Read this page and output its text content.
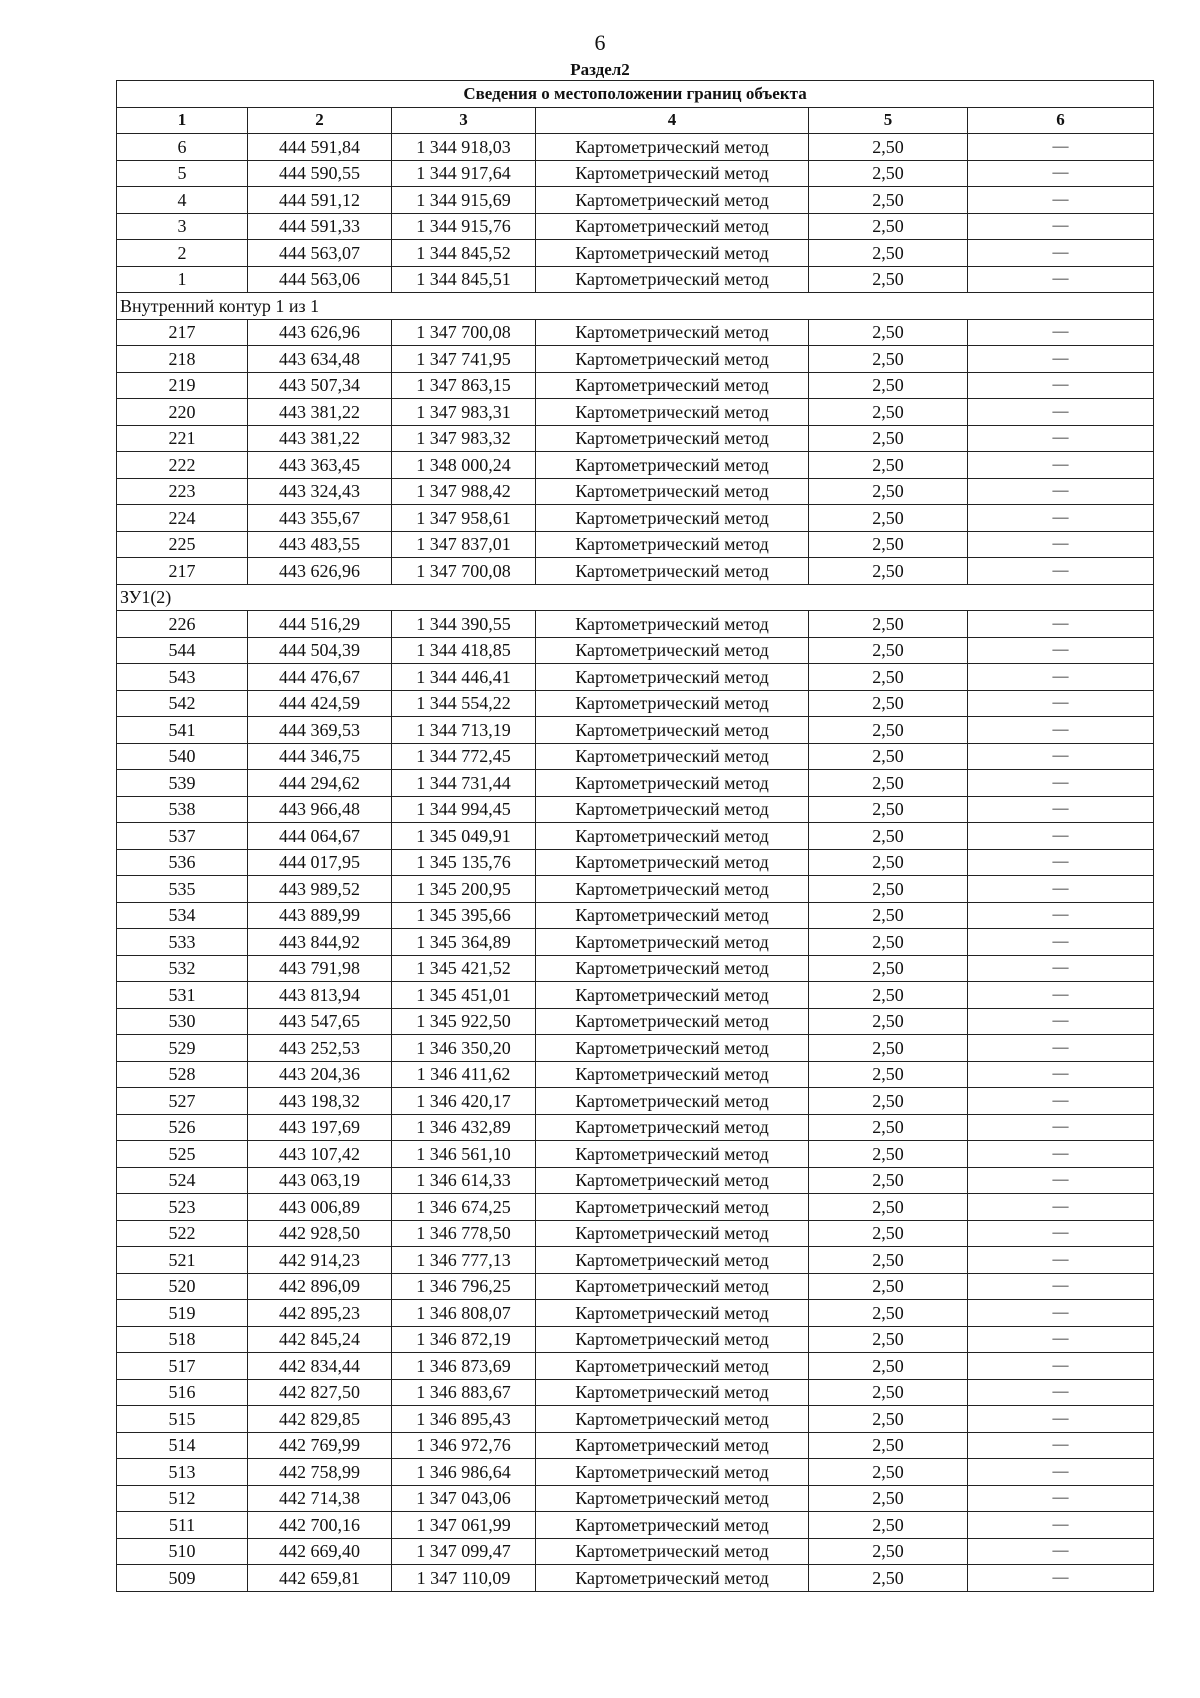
6
Раздел2
Сведения о местоположении границ объекта					
1	2	3	4	5	6
6	444 591,84	1 344 918,03	Картометрический метод	2,50	—
5	444 590,55	1 344 917,64	Картометрический метод	2,50	—
4	444 591,12	1 344 915,69	Картометрический метод	2,50	—
3	444 591,33	1 344 915,76	Картометрический метод	2,50	—
2	444 563,07	1 344 845,52	Картометрический метод	2,50	—
1	444 563,06	1 344 845,51	Картометрический метод	2,50	—
Внутренний контур 1 из 1					
217	443 626,96	1 347 700,08	Картометрический метод	2,50	—
218	443 634,48	1 347 741,95	Картометрический метод	2,50	—
219	443 507,34	1 347 863,15	Картометрический метод	2,50	—
220	443 381,22	1 347 983,31	Картометрический метод	2,50	—
221	443 381,22	1 347 983,32	Картометрический метод	2,50	—
222	443 363,45	1 348 000,24	Картометрический метод	2,50	—
223	443 324,43	1 347 988,42	Картометрический метод	2,50	—
224	443 355,67	1 347 958,61	Картометрический метод	2,50	—
225	443 483,55	1 347 837,01	Картометрический метод	2,50	—
217	443 626,96	1 347 700,08	Картометрический метод	2,50	—
ЗУ1(2)					
226	444 516,29	1 344 390,55	Картометрический метод	2,50	—
544	444 504,39	1 344 418,85	Картометрический метод	2,50	—
543	444 476,67	1 344 446,41	Картометрический метод	2,50	—
542	444 424,59	1 344 554,22	Картометрический метод	2,50	—
541	444 369,53	1 344 713,19	Картометрический метод	2,50	—
540	444 346,75	1 344 772,45	Картометрический метод	2,50	—
539	444 294,62	1 344 731,44	Картометрический метод	2,50	—
538	443 966,48	1 344 994,45	Картометрический метод	2,50	—
537	444 064,67	1 345 049,91	Картометрический метод	2,50	—
536	444 017,95	1 345 135,76	Картометрический метод	2,50	—
535	443 989,52	1 345 200,95	Картометрический метод	2,50	—
534	443 889,99	1 345 395,66	Картометрический метод	2,50	—
533	443 844,92	1 345 364,89	Картометрический метод	2,50	—
532	443 791,98	1 345 421,52	Картометрический метод	2,50	—
531	443 813,94	1 345 451,01	Картометрический метод	2,50	—
530	443 547,65	1 345 922,50	Картометрический метод	2,50	—
529	443 252,53	1 346 350,20	Картометрический метод	2,50	—
528	443 204,36	1 346 411,62	Картометрический метод	2,50	—
527	443 198,32	1 346 420,17	Картометрический метод	2,50	—
526	443 197,69	1 346 432,89	Картометрический метод	2,50	—
525	443 107,42	1 346 561,10	Картометрический метод	2,50	—
524	443 063,19	1 346 614,33	Картометрический метод	2,50	—
523	443 006,89	1 346 674,25	Картометрический метод	2,50	—
522	442 928,50	1 346 778,50	Картометрический метод	2,50	—
521	442 914,23	1 346 777,13	Картометрический метод	2,50	—
520	442 896,09	1 346 796,25	Картометрический метод	2,50	—
519	442 895,23	1 346 808,07	Картометрический метод	2,50	—
518	442 845,24	1 346 872,19	Картометрический метод	2,50	—
517	442 834,44	1 346 873,69	Картометрический метод	2,50	—
516	442 827,50	1 346 883,67	Картометрический метод	2,50	—
515	442 829,85	1 346 895,43	Картометрический метод	2,50	—
514	442 769,99	1 346 972,76	Картометрический метод	2,50	—
513	442 758,99	1 346 986,64	Картометрический метод	2,50	—
512	442 714,38	1 347 043,06	Картометрический метод	2,50	—
511	442 700,16	1 347 061,99	Картометрический метод	2,50	—
510	442 669,40	1 347 099,47	Картометрический метод	2,50	—
509	442 659,81	1 347 110,09	Картометрический метод	2,50	—
